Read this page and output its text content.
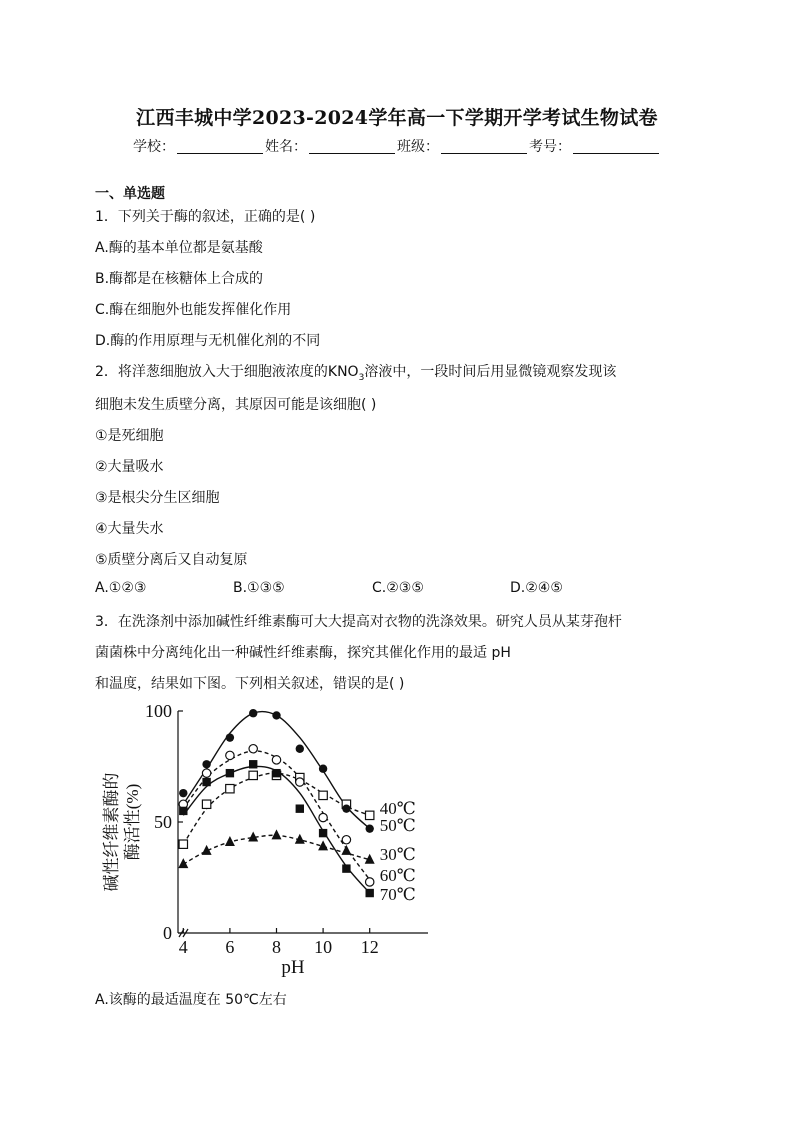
江西丰城中学2023-2024学年高一下学期开学考试生物试卷
学校：	姓名：	班级：	考号：
一、单选题
1．下列关于酶的叙述，正确的是( )
A.酶的基本单位都是氨基酸
B.酶都是在核糖体上合成的
C.酶在细胞外也能发挥催化作用
D.酶的作用原理与无机催化剂的不同
2．将洋葱细胞放入大于细胞液浓度的$KNO_3$溶液中，一段时间后用显微镜观察发现该
细胞未发生质壁分离，其原因可能是该细胞( )
①是死细胞
②大量吸水
③是根尖分生区细胞
④大量失水
⑤质壁分离后又自动复原
A.①②③	B.①③⑤	C.②③⑤	D.②④⑤
3．在洗涤剂中添加碱性纤维素酶可大大提高对衣物的洗涤效果。研究人员从某芽孢杆
菌菌株中分离纯化出一种碱性纤维素酶，探究其催化作用的最适 pH
和温度，结果如下图。下列相关叙述，错误的是( )
0
50
100
4 6 8 10 12
pH
碱性纤维素酶的 酶活性(%)	40℃
50℃
30℃
60℃
70℃
A.该酶的最适温度在 50℃左右
